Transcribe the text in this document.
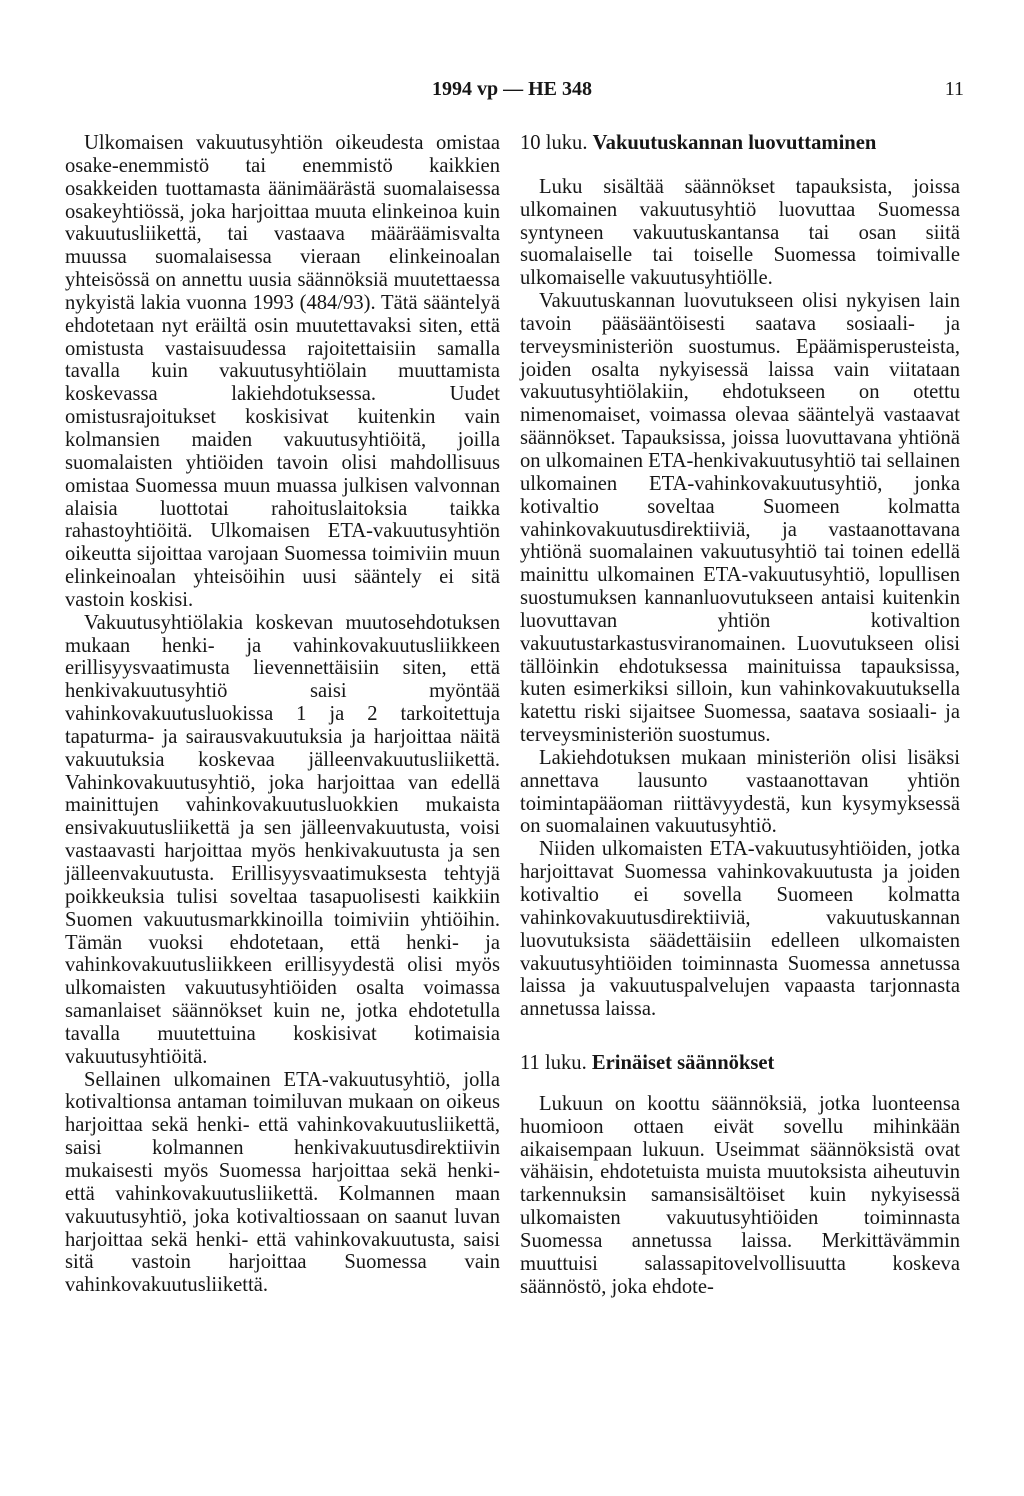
1994 vp — HE 348	11

Ulkomaisen vakuutusyhtiön oikeudesta omistaa osake-enemmistö tai enemmistö kaikkien osakkeiden tuottamasta äänimäärästä suomalaisessa osakeyhtiössä, joka harjoittaa muuta elinkeinoa kuin vakuutusliikettä, tai vastaava määräämisvalta muussa suomalaisessa vieraan elinkeinoalan yhteisössä on annettu uusia säännöksiä muutettaessa nykyistä lakia vuonna 1993 (484/93). Tätä sääntelyä ehdotetaan nyt eräiltä osin muutettavaksi siten, että omistusta vastaisuudessa rajoitettaisiin samalla tavalla kuin vakuutusyhtiölain muuttamista koskevassa lakiehdotuksessa. Uudet omistusrajoitukset koskisivat kuitenkin vain kolmansien maiden vakuutusyhtiöitä, joilla suomalaisten yhtiöiden tavoin olisi mahdollisuus omistaa Suomessa muun muassa julkisen valvonnan alaisia luottotai rahoituslaitoksia taikka rahastoyhtiöitä. Ulkomaisen ETA-vakuutusyhtiön oikeutta sijoittaa varojaan Suomessa toimiviin muun elinkeinoalan yhteisöihin uusi sääntely ei sitä vastoin koskisi.

Vakuutusyhtiölakia koskevan muutosehdotuksen mukaan henki- ja vahinkovakuutusliikkeen erillisyysvaatimusta lievennettäisiin siten, että henkivakuutusyhtiö saisi myöntää vahinkovakuutusluokissa 1 ja 2 tarkoitettuja tapaturma- ja sairausvakuutuksia ja harjoittaa näitä vakuutuksia koskevaa jälleenvakuutusliikettä. Vahinkovakuutusyhtiö, joka harjoittaa van edellä mainittujen vahinkovakuutusluokkien mukaista ensivakuutusliikettä ja sen jälleenvakuutusta, voisi vastaavasti harjoittaa myös henkivakuutusta ja sen jälleenvakuutusta. Erillisyysvaatimuksesta tehtyjä poikkeuksia tulisi soveltaa tasapuolisesti kaikkiin Suomen vakuutusmarkkinoilla toimiviin yhtiöihin. Tämän vuoksi ehdotetaan, että henki- ja vahinkovakuutusliikkeen erillisyydestä olisi myös ulkomaisten vakuutusyhtiöiden osalta voimassa samanlaiset säännökset kuin ne, jotka ehdotetulla tavalla muutettuina koskisivat kotimaisia vakuutusyhtiöitä.

Sellainen ulkomainen ETA-vakuutusyhtiö, jolla kotivaltionsa antaman toimiluvan mukaan on oikeus harjoittaa sekä henki- että vahinkovakuutusliikettä, saisi kolmannen henkivakuutusdirektiivin mukaisesti myös Suomessa harjoittaa sekä henki- että vahinkovakuutusliikettä. Kolmannen maan vakuutusyhtiö, joka kotivaltiossaan on saanut luvan harjoittaa sekä henki- että vahinkovakuutusta, saisi sitä vastoin harjoittaa Suomessa vain vahinkovakuutusliikettä.

10 luku. Vakuutuskannan luovuttaminen

Luku sisältää säännökset tapauksista, joissa ulkomainen vakuutusyhtiö luovuttaa Suomessa syntyneen vakuutuskantansa tai osan siitä suomalaiselle tai toiselle Suomessa toimivalle ulkomaiselle vakuutusyhtiölle.

Vakuutuskannan luovutukseen olisi nykyisen lain tavoin pääsääntöisesti saatava sosiaali- ja terveysministeriön suostumus. Epäämisperusteista, joiden osalta nykyisessä laissa vain viitataan vakuutusyhtiölakiin, ehdotukseen on otettu nimenomaiset, voimassa olevaa sääntelyä vastaavat säännökset. Tapauksissa, joissa luovuttavana yhtiönä on ulkomainen ETA-henkivakuutusyhtiö tai sellainen ulkomainen ETA-vahinkovakuutusyhtiö, jonka kotivaltio soveltaa Suomeen kolmatta vahinkovakuutusdirektiiviä, ja vastaanottavana yhtiönä suomalainen vakuutusyhtiö tai toinen edellä mainittu ulkomainen ETA-vakuutusyhtiö, lopullisen suostumuksen kannanluovutukseen antaisi kuitenkin luovuttavan yhtiön kotivaltion vakuutustarkastusviranomainen. Luovutukseen olisi tällöinkin ehdotuksessa mainituissa tapauksissa, kuten esimerkiksi silloin, kun vahinkovakuutuksella katettu riski sijaitsee Suomessa, saatava sosiaali- ja terveysministeriön suostumus.

Lakiehdotuksen mukaan ministeriön olisi lisäksi annettava lausunto vastaanottavan yhtiön toimintapääoman riittävyydestä, kun kysymyksessä on suomalainen vakuutusyhtiö.

Niiden ulkomaisten ETA-vakuutusyhtiöiden, jotka harjoittavat Suomessa vahinkovakuutusta ja joiden kotivaltio ei sovella Suomeen kolmatta vahinkovakuutusdirektiiviä, vakuutuskannan luovutuksista säädettäisiin edelleen ulkomaisten vakuutusyhtiöiden toiminnasta Suomessa annetussa laissa ja vakuutuspalvelujen vapaasta tarjonnasta annetussa laissa.

11 luku. Erinäiset säännökset

Lukuun on koottu säännöksiä, jotka luonteensa huomioon ottaen eivät sovellu mihinkään aikaisempaan lukuun. Useimmat säännöksistä ovat vähäisin, ehdotetuista muista muutoksista aiheutuvin tarkennuksin samansisältöiset kuin nykyisessä ulkomaisten vakuutusyhtiöiden toiminnasta Suomessa annetussa laissa. Merkittävämmin muuttuisi salassapitovelvollisuutta koskeva säännöstö, joka ehdote-
